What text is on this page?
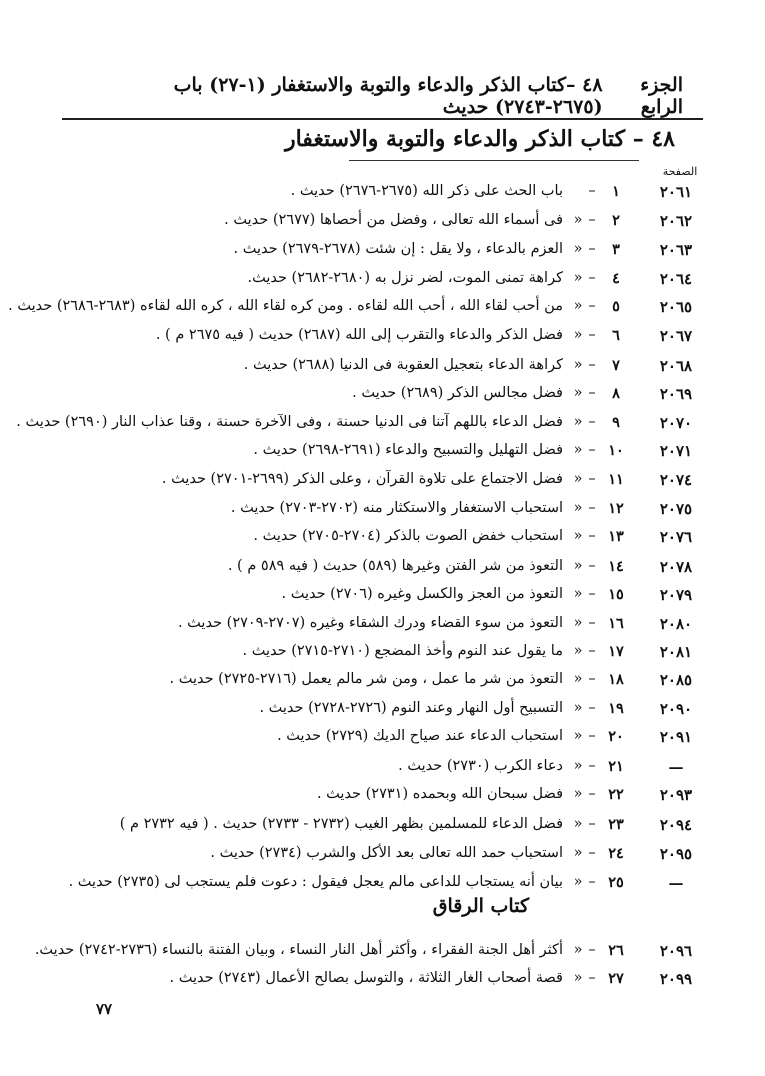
الجزء الرابع
٤٨ –كتاب الذكر والدعاء والتوبة والاستغفار (١-٢٧) باب (٢٦٧٥-٢٧٤٣) حديث
٤٨ – كتاب الذكر والدعاء والتوبة والاستغفار
الصفحة
٢٠٦١
١
–
باب الحث على ذكر الله (٢٦٧٥-٢٦٧٦) حديث .
٢٠٦٢
٢
–
«
فى أسماء الله تعالى ، وفضل من أحصاها (٢٦٧٧) حديث .
٢٠٦٣
٣
–
«
العزم بالدعاء ، ولا يقل : إن شئت (٢٦٧٨-٢٦٧٩) حديث .
٢٠٦٤
٤
–
«
كراهة تمنى الموت، لضر نزل به (٢٦٨٠-٢٦٨٢) حديث.
٢٠٦٥
٥
–
«
من أحب لقاء الله ، أحب الله لقاءه . ومن كره لقاء الله ، كره الله لقاءه (٢٦٨٣-٢٦٨٦) حديث .
٢٠٦٧
٦
–
«
فضل الذكر والدعاء والتقرب إلى الله (٢٦٨٧) حديث ( فيه ٢٦٧٥ م ) .
٢٠٦٨
٧
–
«
كراهة الدعاء بتعجيل العقوبة فى الدنيا (٢٦٨٨) حديث .
٢٠٦٩
٨
–
«
فضل مجالس الذكر (٢٦٨٩) حديث .
٢٠٧٠
٩
–
«
فضل الدعاء باللهم آتنا فى الدنيا حسنة ، وفى الآخرة حسنة ، وقنا عذاب النار (٢٦٩٠) حديث .
٢٠٧١
١٠
–
«
فضل التهليل والتسبيح والدعاء (٢٦٩١-٢٦٩٨) حديث .
٢٠٧٤
١١
–
«
فضل الاجتماع على تلاوة القرآن ، وعلى الذكر (٢٦٩٩-٢٧٠١) حديث .
٢٠٧٥
١٢
–
«
استحباب الاستغفار والاستكثار منه (٢٧٠٢-٢٧٠٣) حديث .
٢٠٧٦
١٣
–
«
استحباب خفض الصوت بالذكر (٢٧٠٤-٢٧٠٥) حديث .
٢٠٧٨
١٤
–
«
التعوذ من شر الفتن وغيرها (٥٨٩) حديث ( فيه ٥٨٩ م ) .
٢٠٧٩
١٥
–
«
التعوذ من العجز والكسل وغيره (٢٧٠٦) حديث .
٢٠٨٠
١٦
–
«
التعوذ من سوء القضاء ودرك الشقاء وغيره (٢٧٠٧-٢٧٠٩) حديث .
٢٠٨١
١٧
–
«
ما يقول عند النوم وأخذ المضجع (٢٧١٠-٢٧١٥) حديث .
٢٠٨٥
١٨
–
«
التعوذ من شر ما عمل ، ومن شر مالم يعمل (٢٧١٦-٢٧٢٥) حديث .
٢٠٩٠
١٩
–
«
التسبيح أول النهار وعند النوم (٢٧٢٦-٢٧٢٨) حديث .
٢٠٩١
٢٠
–
«
استحباب الدعاء عند صياح الديك (٢٧٢٩) حديث .
—
٢١
–
«
دعاء الكرب (٢٧٣٠) حديث .
٢٠٩٣
٢٢
–
«
فضل سبحان الله وبحمده (٢٧٣١) حديث .
٢٠٩٤
٢٣
–
«
فضل الدعاء للمسلمين بظهر الغيب (٢٧٣٢ - ٢٧٣٣) حديث . ( فيه ٢٧٣٢ م )
٢٠٩٥
٢٤
–
«
استحباب حمد الله تعالى بعد الأكل والشرب (٢٧٣٤) حديث .
—
٢٥
–
«
بيان أنه يستجاب للداعى مالم يعجل فيقول : دعوت فلم يستجب لى (٢٧٣٥) حديث .
٢٠٩٦
٢٦
–
«
أكثر أهل الجنة الفقراء ، وأكثر أهل النار النساء ، وبيان الفتنة بالنساء (٢٧٣٦-٢٧٤٢) حديث.
٢٠٩٩
٢٧
–
«
قصة أصحاب الغار الثلاثة ، والتوسل بصالح الأعمال (٢٧٤٣) حديث .
كتاب الرقاق
٧٧
